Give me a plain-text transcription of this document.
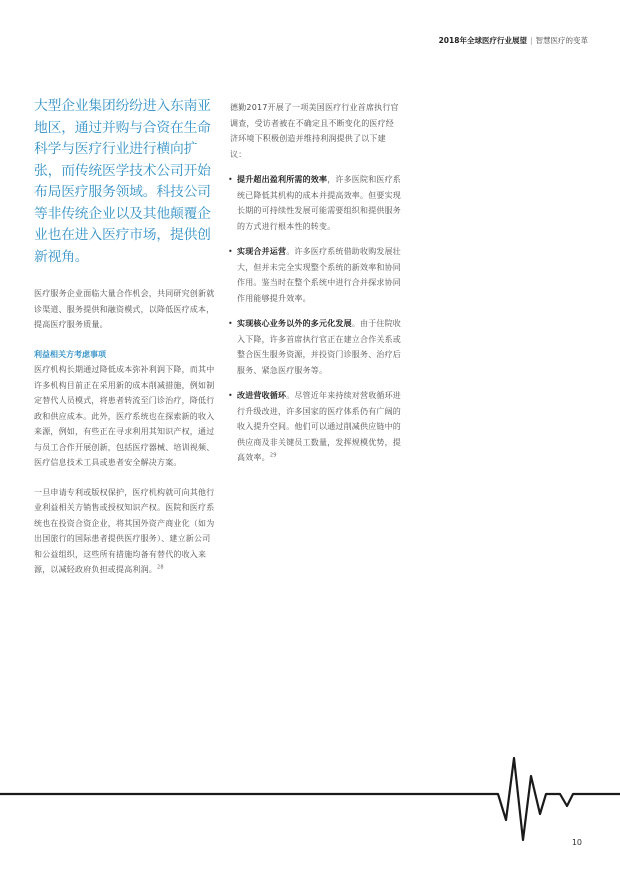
2018年全球医疗行业展望 | 智慧医疗的变革

大型企业集团纷纷进入东南亚地区，通过并购与合资在生命科学与医疗行业进行横向扩张，而传统医学技术公司开始布局医疗服务领域。科技公司等非传统企业以及其他颠覆企业也在进入医疗市场，提供创新视角。

医疗服务企业面临大量合作机会，共同研究创新就诊渠道、服务提供和融资模式，以降低医疗成本，提高医疗服务质量。

利益相关方考虑事项

医疗机构长期通过降低成本弥补利润下降，而其中许多机构目前正在采用新的成本削减措施，例如制定替代人员模式，将患者转流至门诊治疗，降低行政和供应成本。此外，医疗系统也在探索新的收入来源，例如，有些正在寻求利用其知识产权，通过与员工合作开展创新，包括医疗器械、培训视频、医疗信息技术工具或患者安全解决方案。

一旦申请专利或版权保护，医疗机构就可向其他行业利益相关方销售或授权知识产权。医院和医疗系统也在投资合资企业，将其国外资产商业化（如为出国旅行的国际患者提供医疗服务）、建立新公司和公益组织，这些所有措施均备有替代的收入来源，以减轻政府负担或提高利润。$^{28}$

德勤2017开展了一项美国医疗行业首席执行官调查，受访者被在不确定且不断变化的医疗经济环境下积极创造并维持利润提供了以下建议：

• 提升超出盈利所需的效率，许多医院和医疗系统已降低其机构的成本并提高效率。但要实现长期的可持续性发展可能需要组织和提供服务的方式进行根本性的转变。
• 实现合并运营。许多医疗系统借助收购发展壮大，但并未完全实现整个系统的新效率和协同作用。鉴当时在整个系统中进行合并探求协同作用能够提升效率。
• 实现核心业务以外的多元化发展。由于住院收入下降，许多首席执行官正在建立合作关系或整合医生服务资源，并投资门诊服务、治疗后服务、紧急医疗服务等。
• 改进营收循环。尽管近年来持续对营收循环进行升级改进，许多国家的医疗体系仍有广阔的收入提升空间。他们可以通过削减供应链中的供应商及非关键员工数量，发挥规模优势，提高效率。$^{29}$
10
